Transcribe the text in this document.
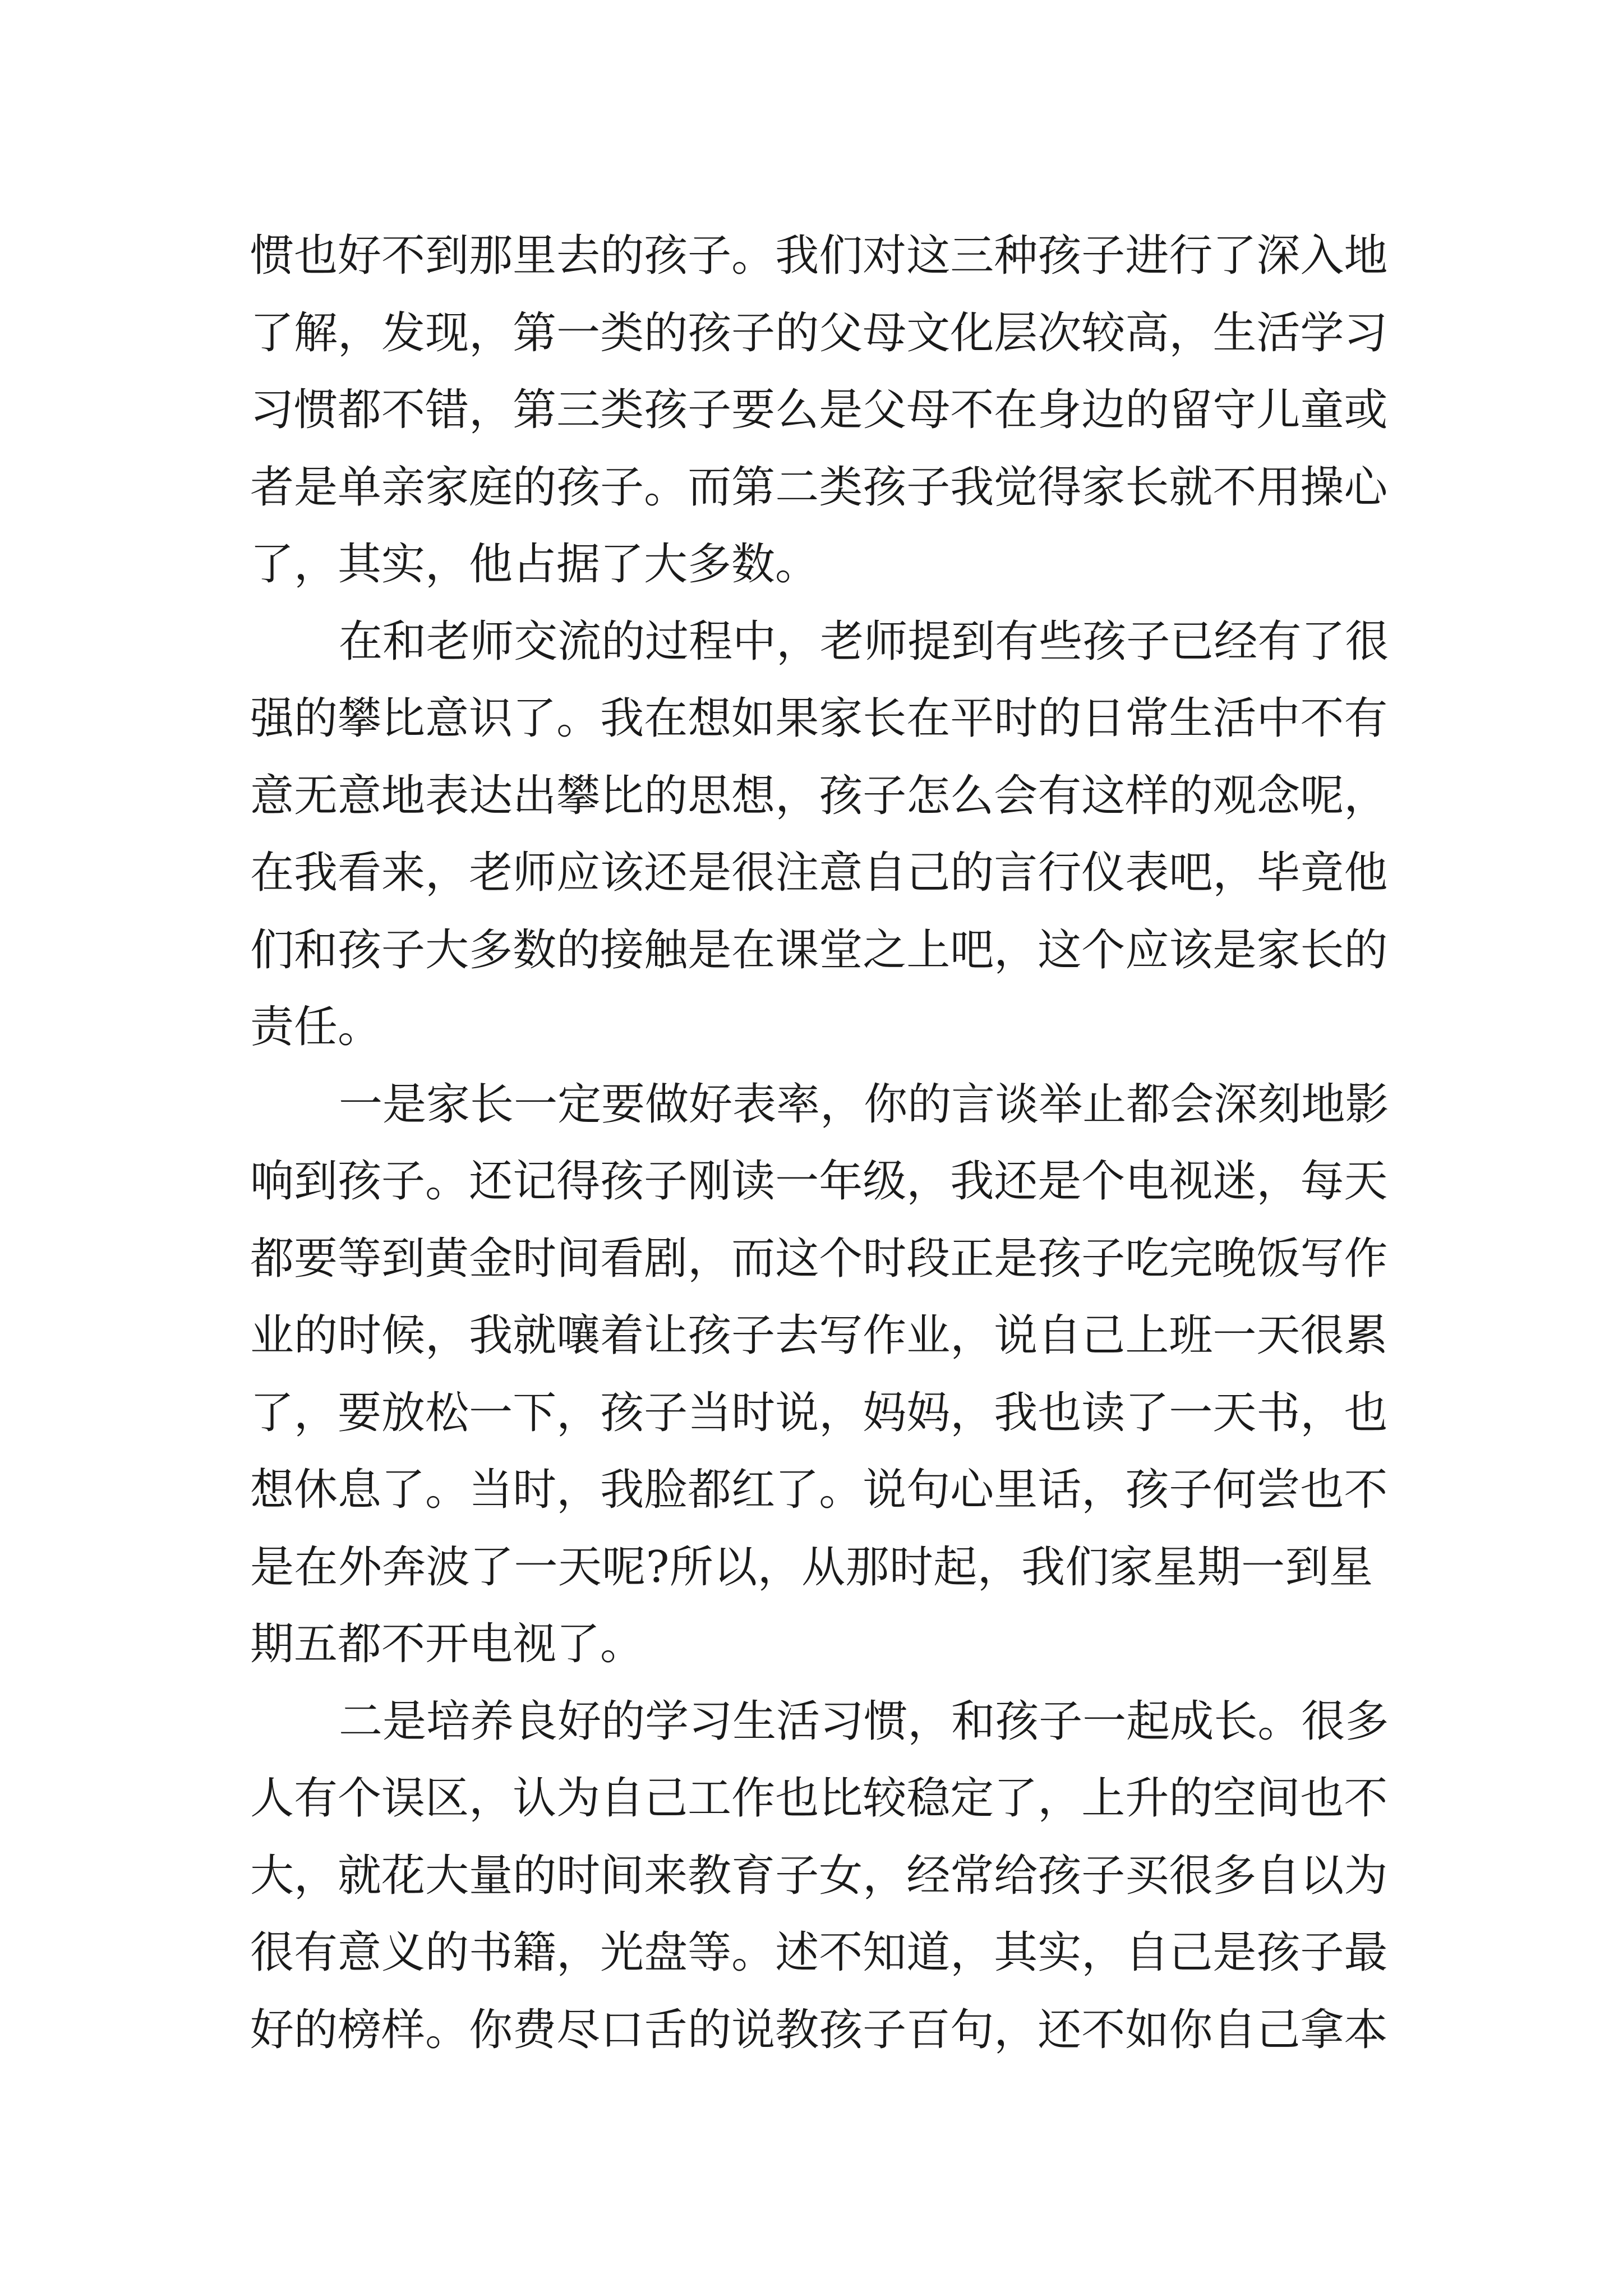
惯 也 好 不 到 那 里 去 的 孩 子 。 我 们 对 这 三 种 孩 子 进 行 了 深 入 地
了 解 ， 发 现 ， 第 一 类 的 孩 子 的 父 母 文 化 层 次 较 高 ， 生 活 学 习
习 惯 都 不 错 ， 第 三 类 孩 子 要 么 是 父 母 不 在 身 边 的 留 守 儿 童 或
者 是 单 亲 家 庭 的 孩 子 。 而 第 二 类 孩 子 我 觉 得 家 长 就 不 用 操 心
了，其实，他占据了大多数。
在 和 老 师 交 流 的 过 程 中 ， 老 师 提 到 有 些 孩 子 已 经 有 了 很
强 的 攀 比 意 识 了 。 我 在 想 如 果 家 长 在 平 时 的 日 常 生 活 中 不 有
意 无 意 地 表 达 出 攀 比 的 思 想 ， 孩 子 怎 么 会 有 这 样 的 观 念 呢 ，
在 我 看 来 ， 老 师 应 该 还 是 很 注 意 自 己 的 言 行 仪 表 吧 ， 毕 竟 他
们 和 孩 子 大 多 数 的 接 触 是 在 课 堂 之 上 吧 ， 这 个 应 该 是 家 长 的
责任。
一 是 家 长 一 定 要 做 好 表 率 ， 你 的 言 谈 举 止 都 会 深 刻 地 影
响 到 孩 子 。 还 记 得 孩 子 刚 读 一 年 级 ， 我 还 是 个 电 视 迷 ， 每 天
都 要 等 到 黄 金 时 间 看 剧 ， 而 这 个 时 段 正 是 孩 子 吃 完 晚 饭 写 作
业 的 时 候 ， 我 就 嚷 着 让 孩 子 去 写 作 业 ， 说 自 己 上 班 一 天 很 累
了 ， 要 放 松 一 下 ， 孩 子 当 时 说 ， 妈 妈 ， 我 也 读 了 一 天 书 ， 也
想 休 息 了 。 当 时 ， 我 脸 都 红 了 。 说 句 心 里 话 ， 孩 子 何 尝 也 不
是 在 外 奔 波 了 一 天 呢 ? 所 以 ， 从 那 时 起 ， 我 们 家 星 期 一 到 星
期五都不开电视了。
二 是 培 养 良 好 的 学 习 生 活 习 惯 ， 和 孩 子 一 起 成 长 。 很 多
人 有 个 误 区 ， 认 为 自 己 工 作 也 比 较 稳 定 了 ， 上 升 的 空 间 也 不
大 ， 就 花 大 量 的 时 间 来 教 育 子 女 ， 经 常 给 孩 子 买 很 多 自 以 为
很 有 意 义 的 书 籍 ， 光 盘 等 。 述 不 知 道 ， 其 实 ， 自 己 是 孩 子 最
好 的 榜 样 。 你 费 尽 口 舌 的 说 教 孩 子 百 句 ， 还 不 如 你 自 己 拿 本
